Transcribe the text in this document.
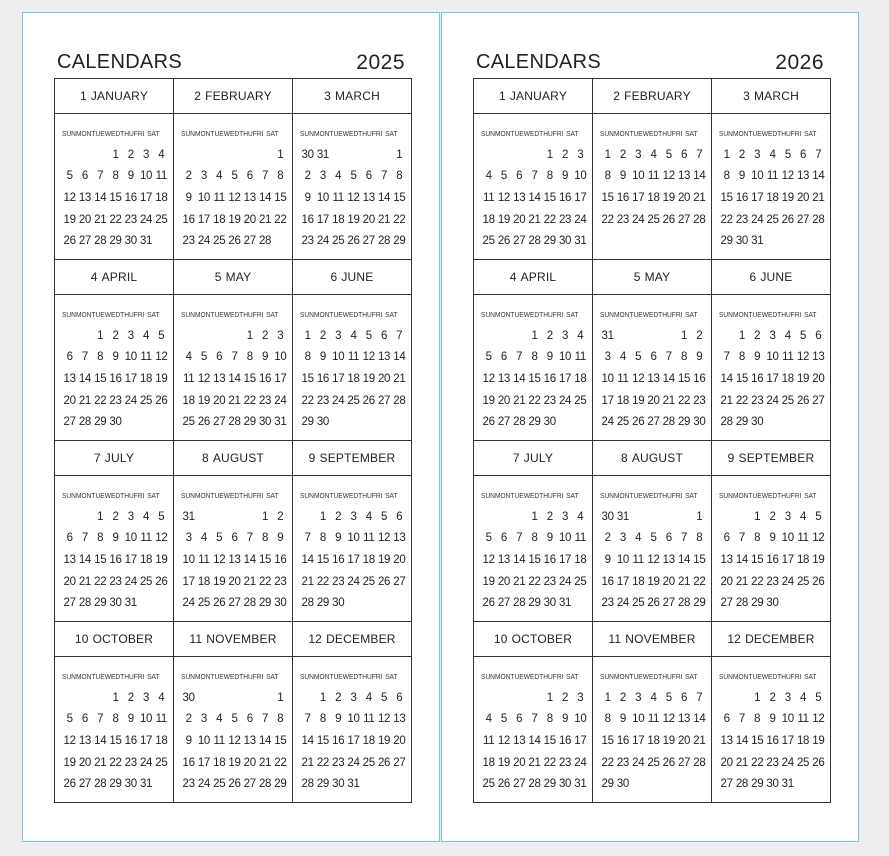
CALENDARS	2025
1 JANUARY
SUN MON TUE WED THU FRI SAT
1 2 3 4
5 6 7 8 9 10 11
12 13 14 15 16 17 18
19 20 21 22 23 24 25
26 27 28 29 30 31
2 FEBRUARY
SUN MON TUE WED THU FRI SAT
1
2 3 4 5 6 7 8
9 10 11 12 13 14 15
16 17 18 19 20 21 22
23 24 25 26 27 28
3 MARCH
SUN MON TUE WED THU FRI SAT
1
2 3 4 5 6 7 8
9 10 11 12 13 14 15
16 17 18 19 20 21 22
23 24 25 26 27 28 29
30 31
4 APRIL
SUN MON TUE WED THU FRI SAT
1 2 3 4 5
6 7 8 9 10 11 12
13 14 15 16 17 18 19
20 21 22 23 24 25 26
27 28 29 30
5 MAY
SUN MON TUE WED THU FRI SAT
1 2 3
4 5 6 7 8 9 10
11 12 13 14 15 16 17
18 19 20 21 22 23 24
25 26 27 28 29 30 31
6 JUNE
SUN MON TUE WED THU FRI SAT
1 2 3 4 5 6 7
8 9 10 11 12 13 14
15 16 17 18 19 20 21
22 23 24 25 26 27 28
29 30
7 JULY
SUN MON TUE WED THU FRI SAT
1 2 3 4 5
6 7 8 9 10 11 12
13 14 15 16 17 18 19
20 21 22 23 24 25 26
27 28 29 30 31
8 AUGUST
SUN MON TUE WED THU FRI SAT
1 2
3 4 5 6 7 8 9
10 11 12 13 14 15 16
17 18 19 20 21 22 23
24 25 26 27 28 29 30
31
9 SEPTEMBER
SUN MON TUE WED THU FRI SAT
1 2 3 4 5 6
7 8 9 10 11 12 13
14 15 16 17 18 19 20
21 22 23 24 25 26 27
28 29 30
10 OCTOBER
SUN MON TUE WED THU FRI SAT
1 2 3 4
5 6 7 8 9 10 11
12 13 14 15 16 17 18
19 20 21 22 23 24 25
26 27 28 29 30 31
11 NOVEMBER
SUN MON TUE WED THU FRI SAT
1
2 3 4 5 6 7 8
9 10 11 12 13 14 15
16 17 18 19 20 21 22
23 24 25 26 27 28 29
30
12 DECEMBER
SUN MON TUE WED THU FRI SAT
1 2 3 4 5 6
7 8 9 10 11 12 13
14 15 16 17 18 19 20
21 22 23 24 25 26 27
28 29 30 31
CALENDARS	2026
1 JANUARY
SUN MON TUE WED THU FRI SAT
1 2 3
4 5 6 7 8 9 10
11 12 13 14 15 16 17
18 19 20 21 22 23 24
25 26 27 28 29 30 31
2 FEBRUARY
SUN MON TUE WED THU FRI SAT
1 2 3 4 5 6 7
8 9 10 11 12 13 14
15 16 17 18 19 20 21
22 23 24 25 26 27 28
3 MARCH
SUN MON TUE WED THU FRI SAT
1 2 3 4 5 6 7
8 9 10 11 12 13 14
15 16 17 18 19 20 21
22 23 24 25 26 27 28
29 30 31
4 APRIL
SUN MON TUE WED THU FRI SAT
1 2 3 4
5 6 7 8 9 10 11
12 13 14 15 16 17 18
19 20 21 22 23 24 25
26 27 28 29 30
5 MAY
SUN MON TUE WED THU FRI SAT
1 2
3 4 5 6 7 8 9
10 11 12 13 14 15 16
17 18 19 20 21 22 23
24 25 26 27 28 29 30
31
6 JUNE
SUN MON TUE WED THU FRI SAT
1 2 3 4 5 6
7 8 9 10 11 12 13
14 15 16 17 18 19 20
21 22 23 24 25 26 27
28 29 30
7 JULY
SUN MON TUE WED THU FRI SAT
1 2 3 4
5 6 7 8 9 10 11
12 13 14 15 16 17 18
19 20 21 22 23 24 25
26 27 28 29 30 31
8 AUGUST
SUN MON TUE WED THU FRI SAT
1
2 3 4 5 6 7 8
9 10 11 12 13 14 15
16 17 18 19 20 21 22
23 24 25 26 27 28 29
30 31
9 SEPTEMBER
SUN MON TUE WED THU FRI SAT
1 2 3 4 5
6 7 8 9 10 11 12
13 14 15 16 17 18 19
20 21 22 23 24 25 26
27 28 29 30
10 OCTOBER
SUN MON TUE WED THU FRI SAT
1 2 3
4 5 6 7 8 9 10
11 12 13 14 15 16 17
18 19 20 21 22 23 24
25 26 27 28 29 30 31
11 NOVEMBER
SUN MON TUE WED THU FRI SAT
1 2 3 4 5 6 7
8 9 10 11 12 13 14
15 16 17 18 19 20 21
22 23 24 25 26 27 28
29 30
12 DECEMBER
SUN MON TUE WED THU FRI SAT
1 2 3 4 5
6 7 8 9 10 11 12
13 14 15 16 17 18 19
20 21 22 23 24 25 26
27 28 29 30 31
